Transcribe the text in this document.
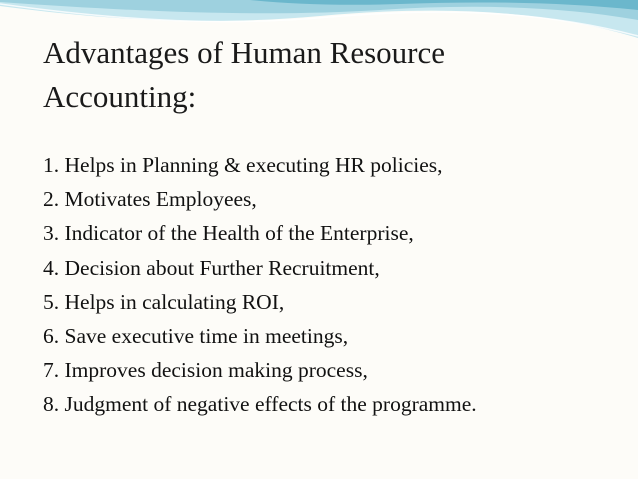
Advantages of Human Resource
Accounting:
1. Helps in Planning & executing HR policies,
2. Motivates Employees,
3. Indicator of the Health of the Enterprise,
4. Decision about Further Recruitment,
5. Helps in calculating ROI,
6. Save executive time in meetings,
7. Improves decision making process,
8. Judgment of negative effects of the programme.
